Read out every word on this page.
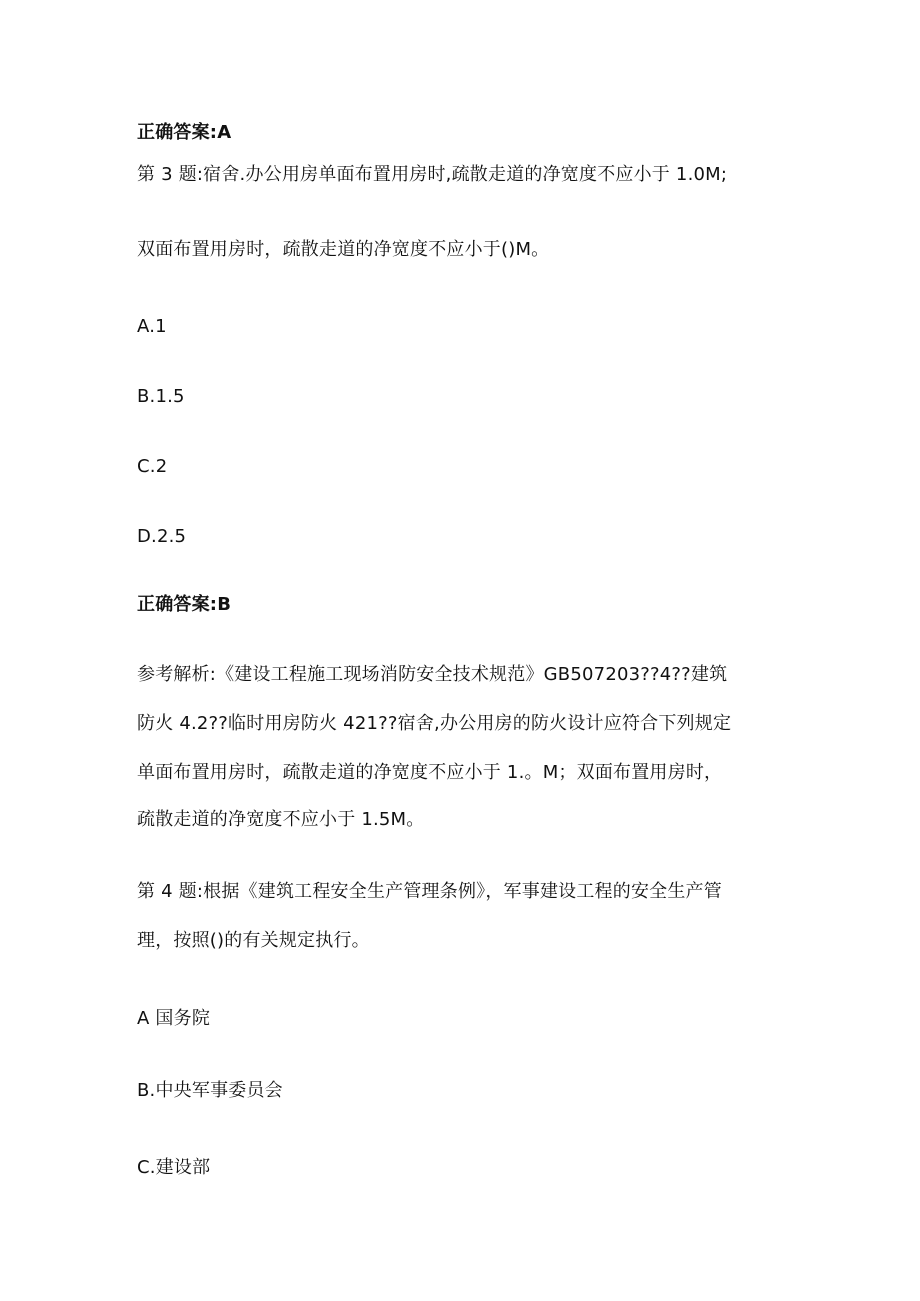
正确答案:A
第 3 题:宿舍.办公用房单面布置用房时,疏散走道的净宽度不应小于 1.0M;
双面布置用房时，疏散走道的净宽度不应小于()M。
A.1
B.1.5
C.2
D.2.5
正确答案:B
参考解析:《建设工程施工现场消防安全技术规范》GB507203??4??建筑
防火 4.2??临时用房防火 421??宿舍,办公用房的防火设计应符合下列规定
单面布置用房时，疏散走道的净宽度不应小于 1.。M；双面布置用房时，
疏散走道的净宽度不应小于 1.5M。
第 4 题:根据《建筑工程安全生产管理条例》，军事建设工程的安全生产管
理，按照()的有关规定执行。
A 国务院
B.中央军事委员会
C.建设部
